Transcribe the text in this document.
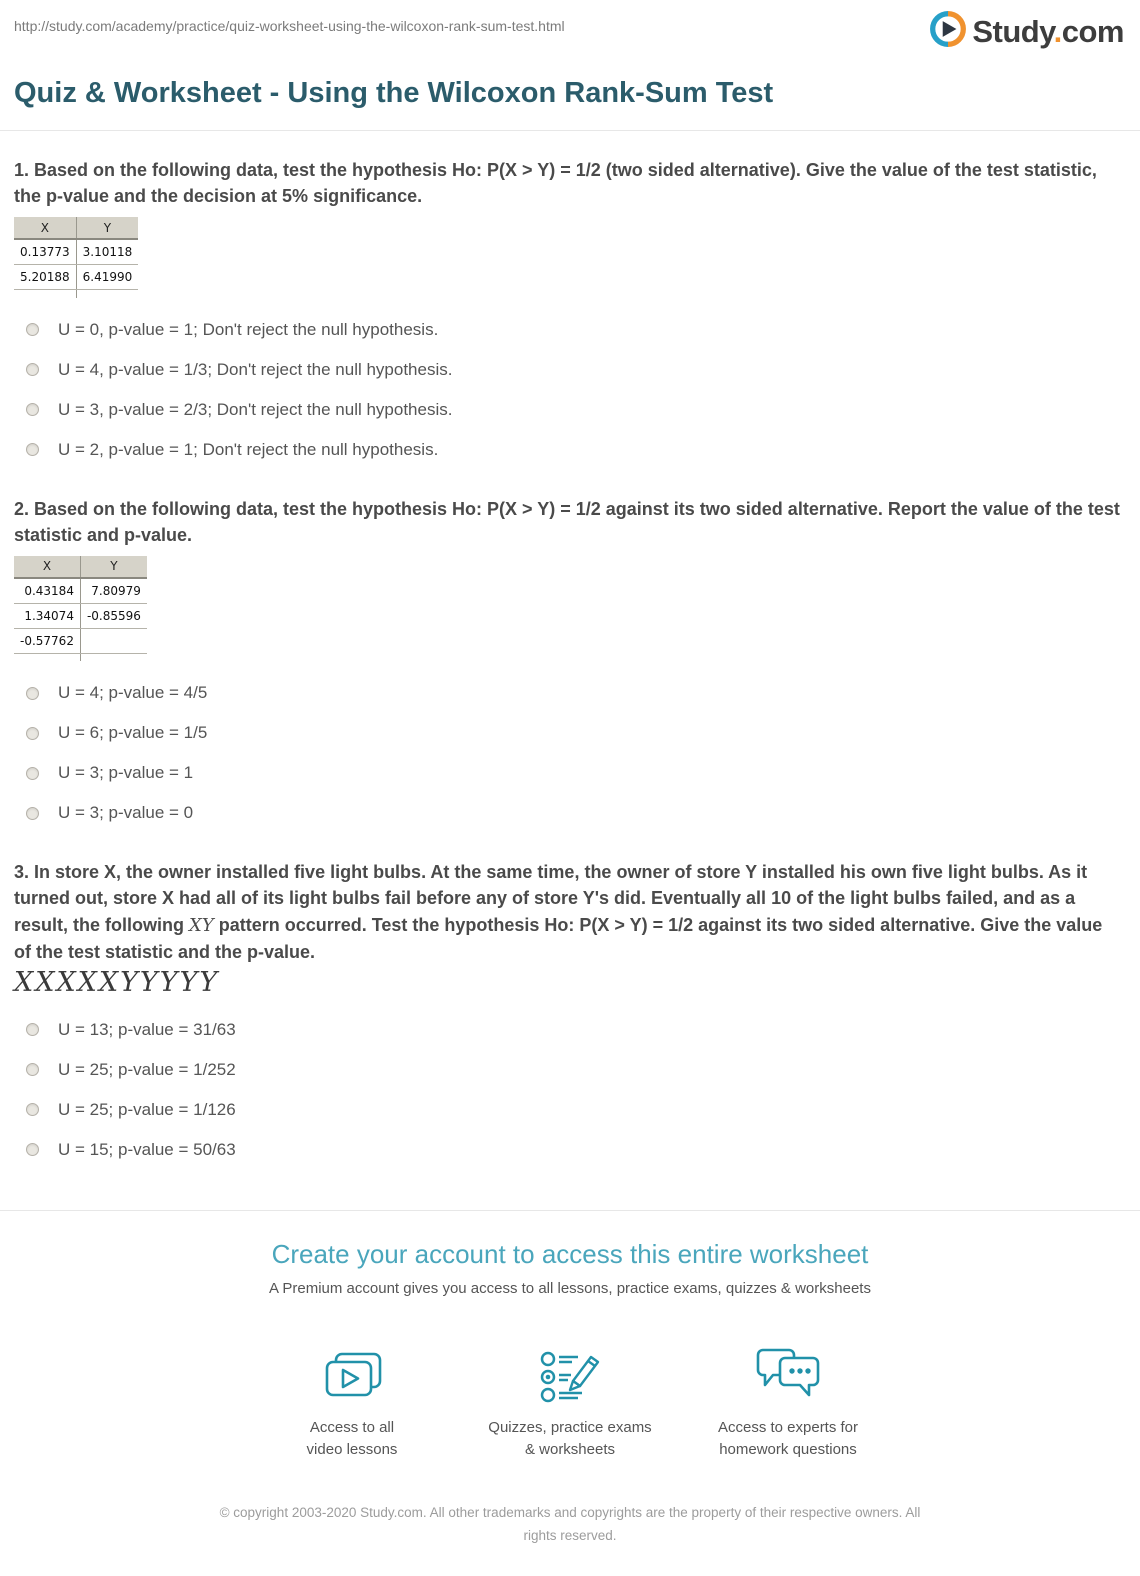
http://study.com/academy/practice/quiz-worksheet-using-the-wilcoxon-rank-sum-test.html	Study.com
Quiz & Worksheet - Using the Wilcoxon Rank-Sum Test
1. Based on the following data, test the hypothesis Ho: P(X > Y) = 1/2 (two sided alternative). Give the value of the test statistic, the p-value and the decision at 5% significance.
X	Y
0.13773	3.10118
5.20188	6.41990

U = 0, p-value = 1; Don't reject the null hypothesis.
U = 4, p-value = 1/3; Don't reject the null hypothesis.
U = 3, p-value = 2/3; Don't reject the null hypothesis.
U = 2, p-value = 1; Don't reject the null hypothesis.
2. Based on the following data, test the hypothesis Ho: P(X > Y) = 1/2 against its two sided alternative. Report the value of the test statistic and p-value.
X	Y
0.43184	7.80979
1.34074	-0.85596
-0.57762	

U = 4; p-value = 4/5
U = 6; p-value = 1/5
U = 3; p-value = 1
U = 3; p-value = 0
3. In store X, the owner installed five light bulbs. At the same time, the owner of store Y installed his own five light bulbs. As it turned out, store X had all of its light bulbs fail before any of store Y's did. Eventually all 10 of the light bulbs failed, and as a result, the following XY pattern occurred. Test the hypothesis Ho: P(X > Y) = 1/2 against its two sided alternative. Give the value of the test statistic and the p-value.
XXXXXYYYYY
U = 13; p-value = 31/63
U = 25; p-value = 1/252
U = 25; p-value = 1/126
U = 15; p-value = 50/63
Create your account to access this entire worksheet
A Premium account gives you access to all lessons, practice exams, quizzes & worksheets
Access to all
video lessons
Quizzes, practice exams
& worksheets
Access to experts for
homework questions
© copyright 2003-2020 Study.com. All other trademarks and copyrights are the property of their respective owners. All rights reserved.
